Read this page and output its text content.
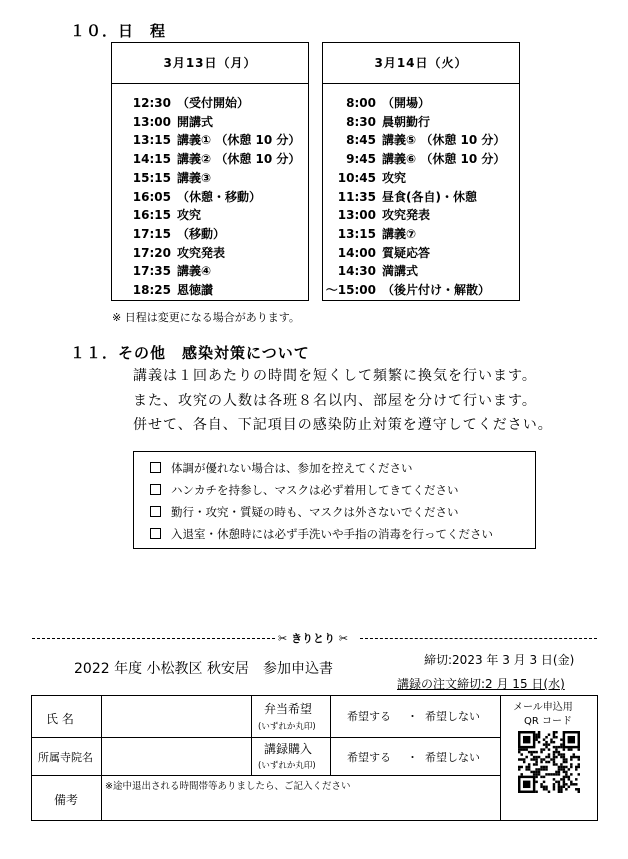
１０．日　程
3月13日（月）
12:30 （受付開始）
13:00 開講式
13:15 講義① （休憩 10 分）
14:15 講義② （休憩 10 分）
15:15 講義③
16:05 （休憩・移動）
16:15 攻究
17:15 （移動）
17:20 攻究発表
17:35 講義④
18:25 恩徳讃
3月14日（火）
8:00 （開場）
8:30 晨朝勤行
8:45 講義⑤ （休憩 10 分）
9:45 講義⑥ （休憩 10 分）
10:45 攻究
11:35 昼食(各自)・休憩
13:00 攻究発表
13:15 講義⑦
14:00 質疑応答
14:30 満講式
～15:00 （後片付け・解散）
※ 日程は変更になる場合があります。
１１．その他　感染対策について
講義は１回あたりの時間を短くして頻繁に換気を行います。
また、攻究の人数は各班８名以内、部屋を分けて行います。
併せて、各自、下記項目の感染防止対策を遵守してください。
体調が優れない場合は、参加を控えてください
ハンカチを持参し、マスクは必ず着用してきてください
勤行・攻究・質疑の時も、マスクは外さないでください
入退室・休憩時には必ず手洗いや手指の消毒を行ってください
✂ きりとり ✂
2022 年度 小松教区 秋安居　参加申込書
締切:2023 年 3 月 3 日(金)
講録の注文締切:2 月 15 日(水)
氏 名
所属寺院名
備考
※途中退出される時間帯等ありましたら、ご記入ください
弁当希望
(いずれか丸印)
講録購入
(いずれか丸印)
希望する ・ 希望しない
希望する ・ 希望しない
メール申込用
QR コード
